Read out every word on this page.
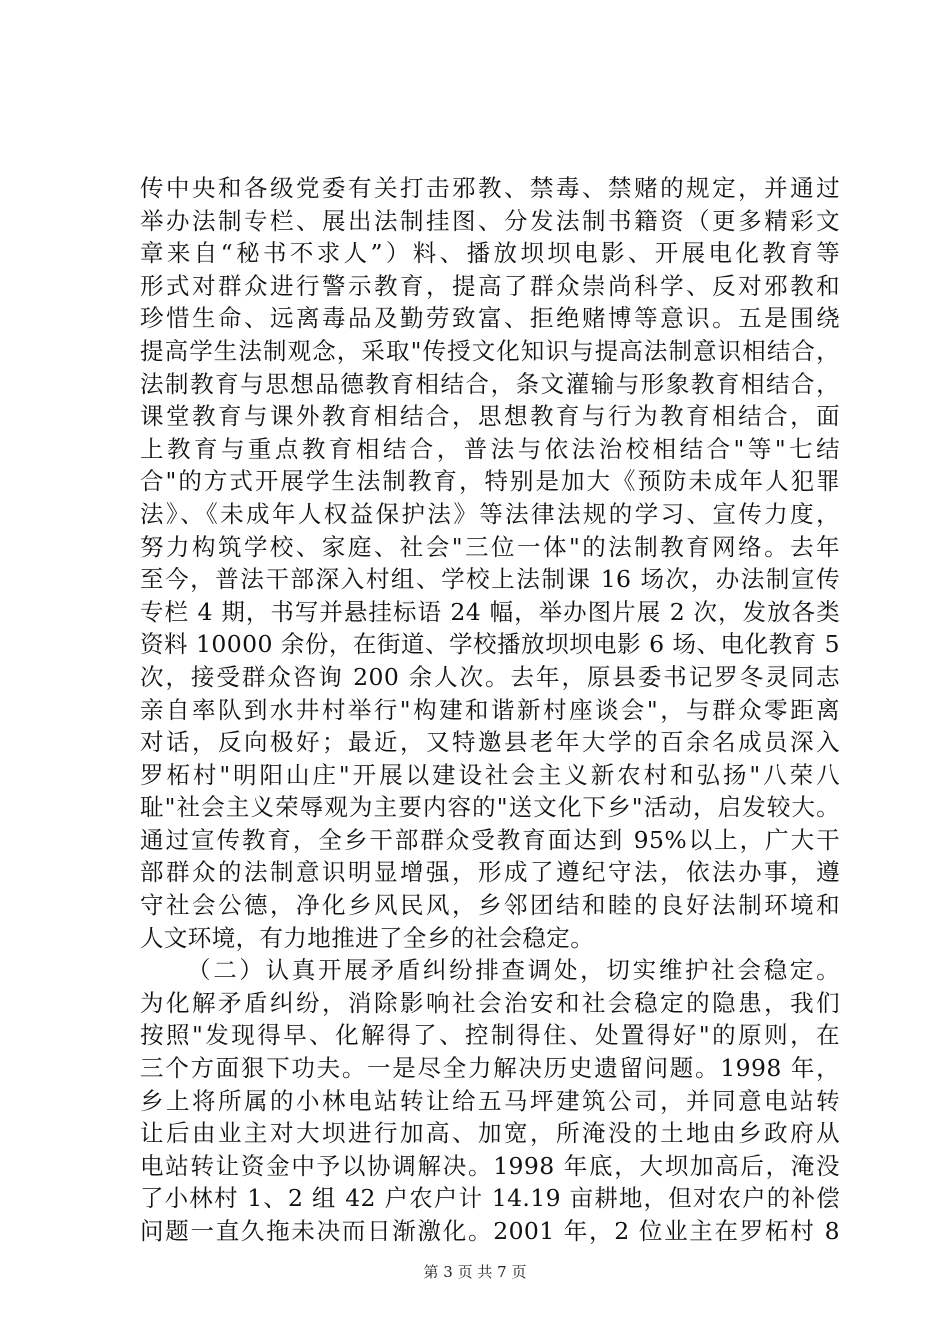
传中央和各级党委有关打击邪教、禁毒、禁赌的规定，并通过
举办法制专栏、展出法制挂图、分发法制书籍资（更多精彩文
章来自“秘书不求人”）料、播放坝坝电影、开展电化教育等
形式对群众进行警示教育，提高了群众崇尚科学、反对邪教和
珍惜生命、远离毒品及勤劳致富、拒绝赌博等意识。五是围绕
提高学生法制观念，采取"传授文化知识与提高法制意识相结合，
法制教育与思想品德教育相结合，条文灌输与形象教育相结合，
课堂教育与课外教育相结合，思想教育与行为教育相结合，面
上教育与重点教育相结合，普法与依法治校相结合"等"七结
合"的方式开展学生法制教育，特别是加大《预防未成年人犯罪
法》、《未成年人权益保护法》等法律法规的学习、宣传力度，
努力构筑学校、家庭、社会"三位一体"的法制教育网络。去年
至今，普法干部深入村组、学校上法制课 16 场次，办法制宣传
专栏 4 期，书写并悬挂标语 24 幅，举办图片展 2 次，发放各类
资料 10000 余份，在街道、学校播放坝坝电影 6 场、电化教育 5
次，接受群众咨询 200 余人次。去年，原县委书记罗冬灵同志
亲自率队到水井村举行"构建和谐新村座谈会"，与群众零距离
对话，反向极好；最近，又特邀县老年大学的百余名成员深入
罗柘村"明阳山庄"开展以建设社会主义新农村和弘扬"八荣八
耻"社会主义荣辱观为主要内容的"送文化下乡"活动，启发较大。
通过宣传教育，全乡干部群众受教育面达到 95%以上，广大干
部群众的法制意识明显增强，形成了遵纪守法，依法办事，遵
守社会公德，净化乡风民风，乡邻团结和睦的良好法制环境和
人文环境，有力地推进了全乡的社会稳定。
（二）认真开展矛盾纠纷排查调处，切实维护社会稳定。
为化解矛盾纠纷，消除影响社会治安和社会稳定的隐患，我们
按照"发现得早、化解得了、控制得住、处置得好"的原则，在
三个方面狠下功夫。一是尽全力解决历史遗留问题。1998 年，
乡上将所属的小林电站转让给五马坪建筑公司，并同意电站转
让后由业主对大坝进行加高、加宽，所淹没的土地由乡政府从
电站转让资金中予以协调解决。1998 年底，大坝加高后，淹没
了小林村 1、2 组 42 户农户计 14.19 亩耕地，但对农户的补偿
问题一直久拖未决而日渐激化。2001 年，2 位业主在罗柘村 8
第 3 页 共 7 页
